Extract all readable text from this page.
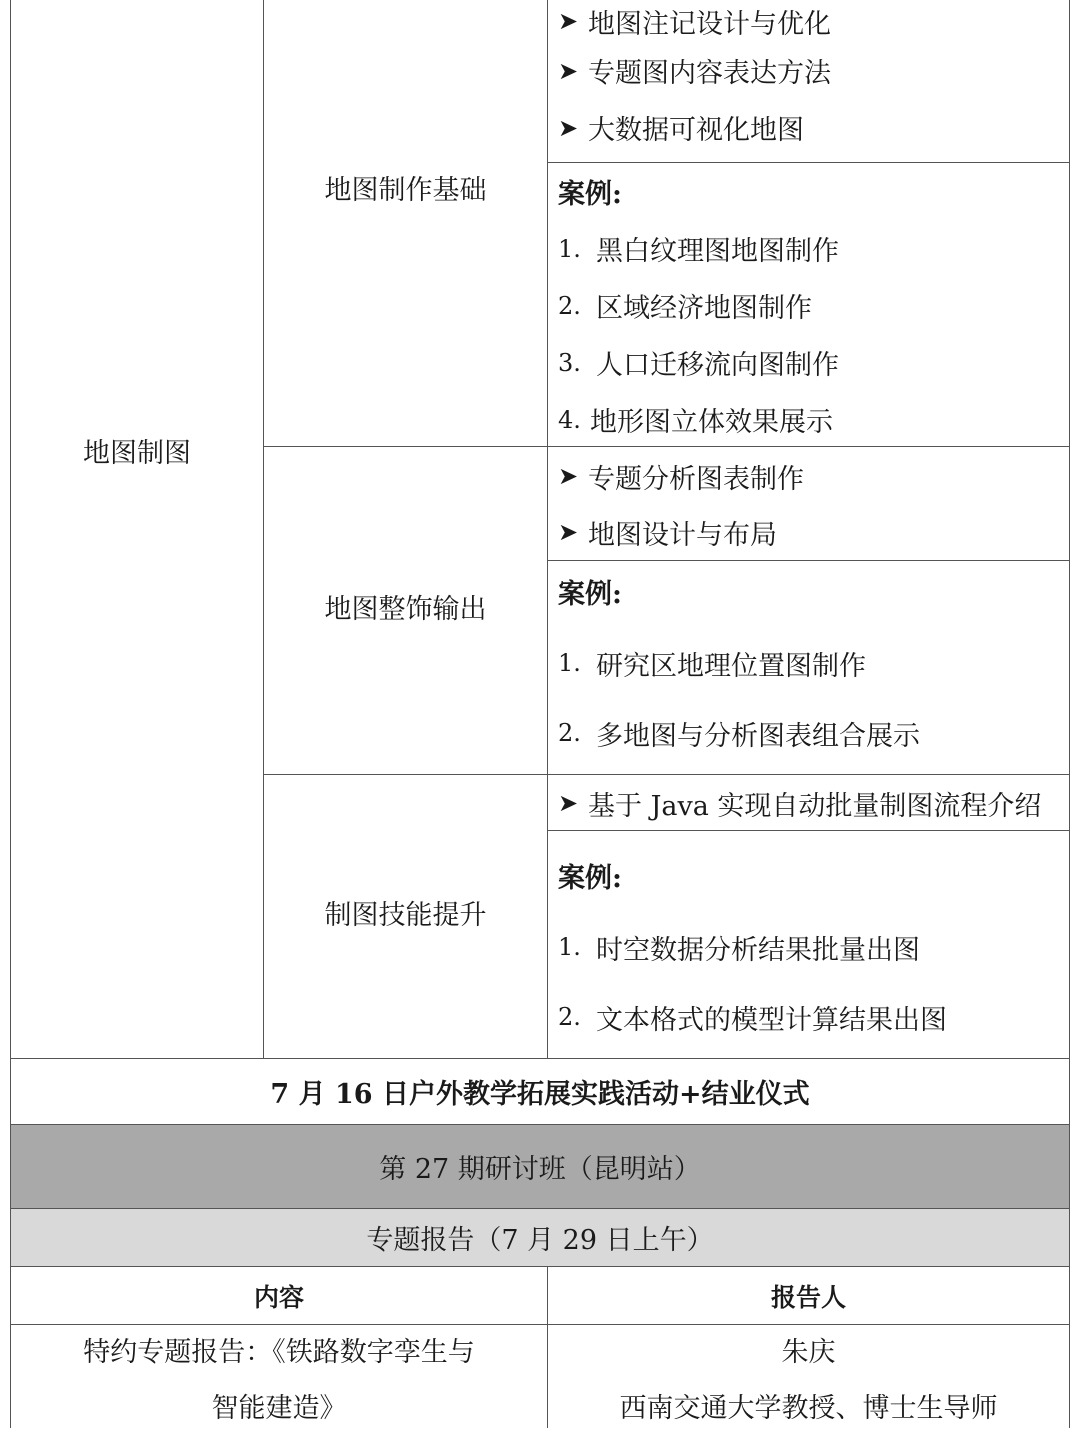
地图制图
地图制作基础
地图整饰输出
制图技能提升
➤ 地图注记设计与优化
➤ 专题图内容表达方法
➤ 大数据可视化地图
案例:
1. 黑白纹理图地图制作
2. 区域经济地图制作
3. 人口迁移流向图制作
4. 地形图立体效果展示
➤ 专题分析图表制作
➤ 地图设计与布局
案例:
1. 研究区地理位置图制作
2. 多地图与分析图表组合展示
➤ 基于 Java 实现自动批量制图流程介绍
案例:
1. 时空数据分析结果批量出图
2. 文本格式的模型计算结果出图
7 月 16 日户外教学拓展实践活动+结业仪式
第 27 期研讨班（昆明站）
专题报告（7 月 29 日上午）
内容	报告人
特约专题报告：《铁路数字孪生与
智能建造》
朱庆
西南交通大学教授、博士生导师
